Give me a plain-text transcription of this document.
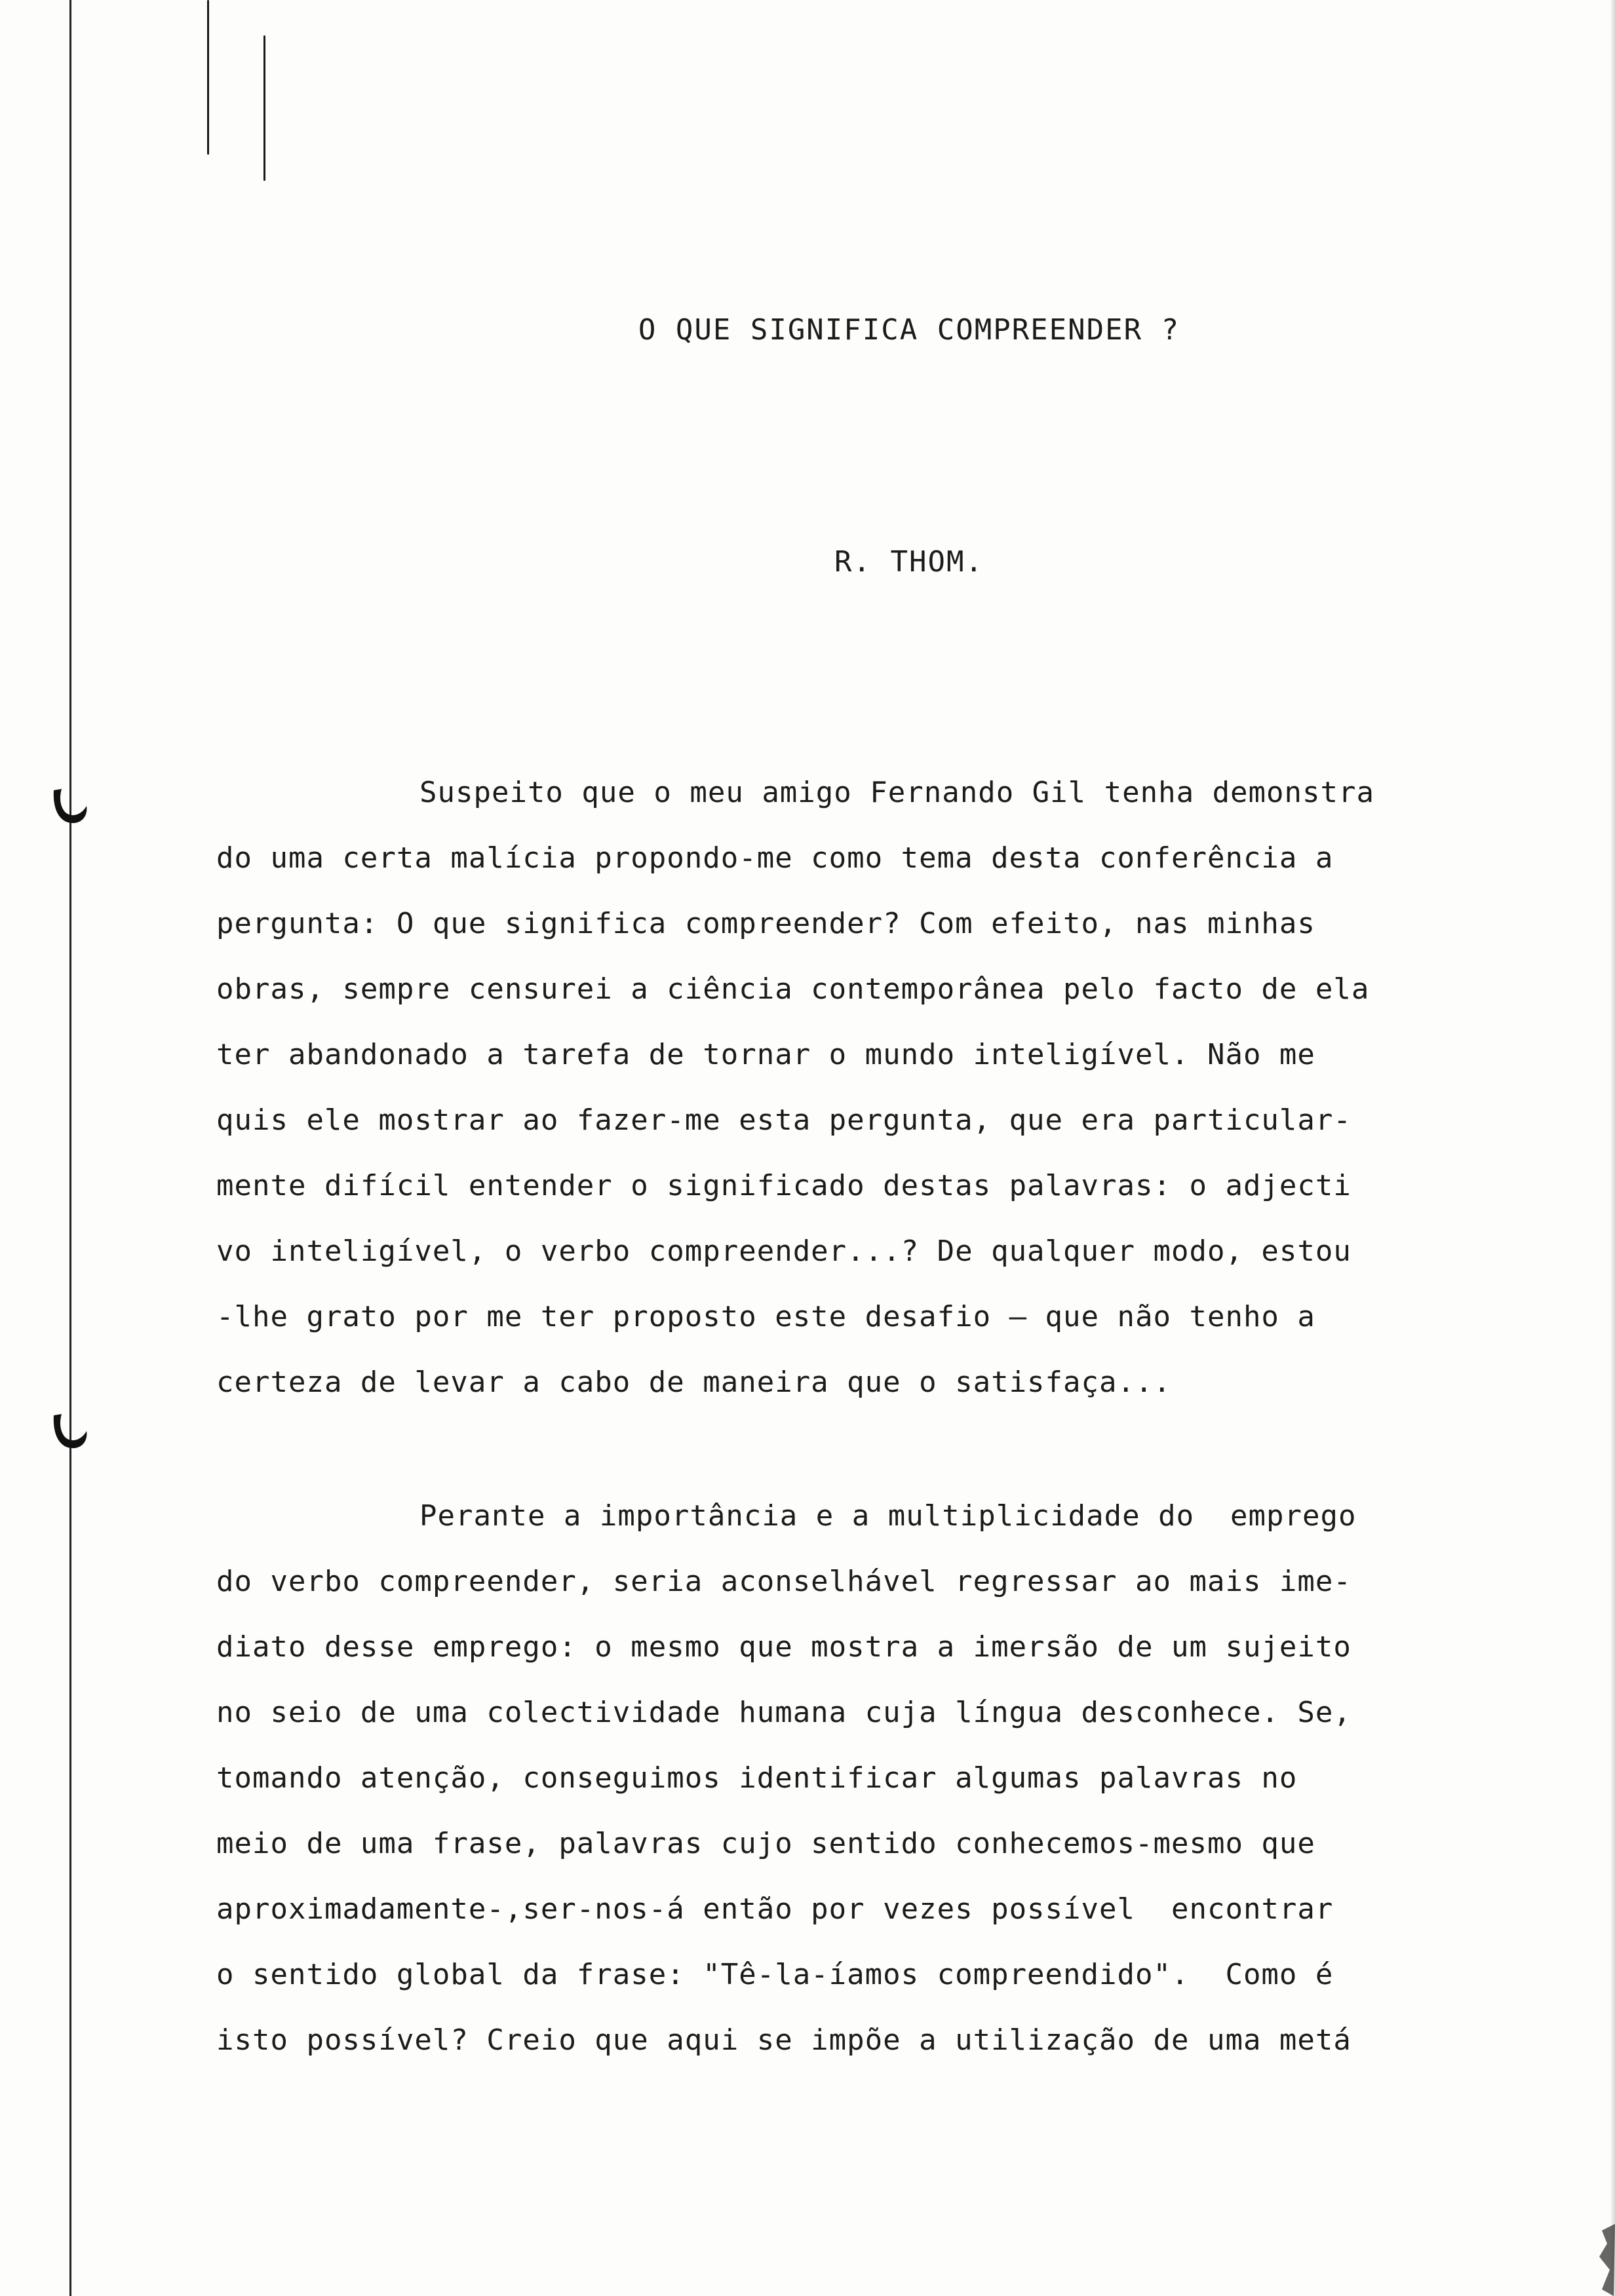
O QUE SIGNIFICA COMPREENDER ?
R. THOM.
Suspeito que o meu amigo Fernando Gil tenha demonstra
do uma certa malícia propondo-me como tema desta conferência a
pergunta: O que significa compreender? Com efeito, nas minhas
obras, sempre censurei a ciência contemporânea pelo facto de ela
ter abandonado a tarefa de tornar o mundo inteligível. Não me
quis ele mostrar ao fazer-me esta pergunta, que era particular-
mente difícil entender o significado destas palavras: o adjecti
vo inteligível, o verbo compreender...? De qualquer modo, estou
-lhe grato por me ter proposto este desafio — que não tenho a
certeza de levar a cabo de maneira que o satisfaça...
Perante a importância e a multiplicidade do  emprego
do verbo compreender, seria aconselhável regressar ao mais ime-
diato desse emprego: o mesmo que mostra a imersão de um sujeito
no seio de uma colectividade humana cuja língua desconhece. Se,
tomando atenção, conseguimos identificar algumas palavras no
meio de uma frase, palavras cujo sentido conhecemos-mesmo que
aproximadamente-,ser-nos-á então por vezes possível  encontrar
o sentido global da frase: "Tê-la-íamos compreendido".  Como é
isto possível? Creio que aqui se impõe a utilização de uma metá
